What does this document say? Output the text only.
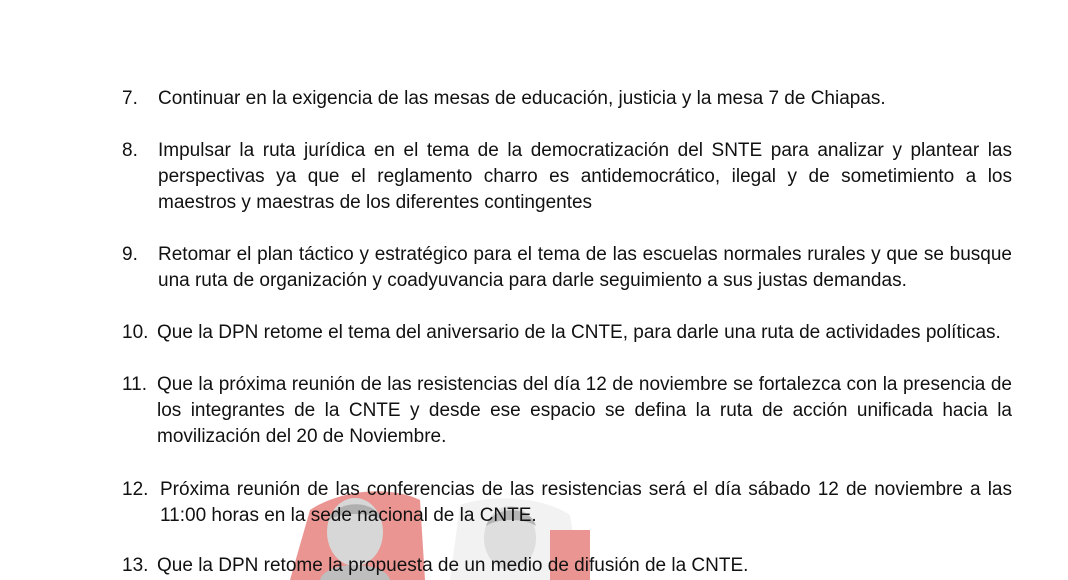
7. Continuar en la exigencia de las mesas de educación, justicia y la mesa 7 de Chiapas.
8. Impulsar la ruta jurídica en el tema de la democratización del SNTE para analizar y plantear las perspectivas ya que el reglamento charro es antidemocrático, ilegal y de sometimiento a los maestros y maestras de los diferentes contingentes
9. Retomar el plan táctico y estratégico para el tema de las escuelas normales rurales y que se busque una ruta de organización y coadyuvancia para darle seguimiento a sus justas demandas.
10. Que la DPN retome el tema del aniversario de la CNTE, para darle una ruta de actividades políticas.
11. Que la próxima reunión de las resistencias del día 12 de noviembre se fortalezca con la presencia de los integrantes de la CNTE y desde ese espacio se defina la ruta de acción unificada hacia la movilización del 20 de Noviembre.
12. Próxima reunión de las conferencias de las resistencias será el día sábado 12 de noviembre a las 11:00 horas en la sede nacional de la CNTE.
13. Que la DPN retome la propuesta de un medio de difusión de la CNTE.
